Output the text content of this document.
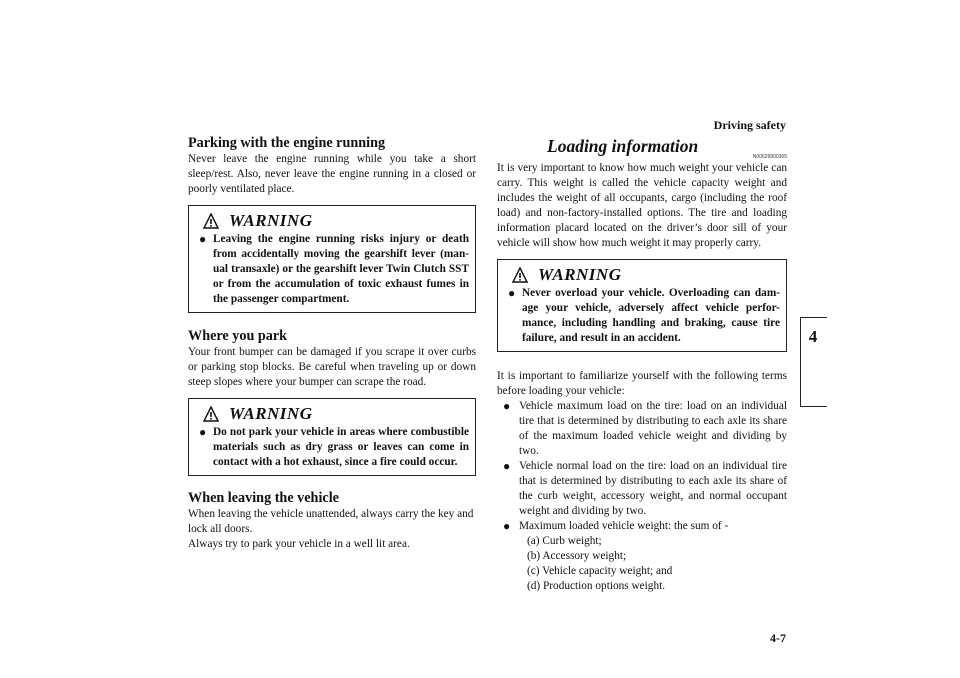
Driving safety
4
4-7
Parking with the engine running

Never leave the engine running while you take a short sleep/rest. Also, never leave the engine running in a closed or poorly ventilated place.

WARNING
● Leaving the engine running risks injury or death from accidentally moving the gearshift lever (man-ual transaxle) or the gearshift lever Twin Clutch SST or from the accumulation of toxic exhaust fumes in the passenger compartment.
Where you park

Your front bumper can be damaged if you scrape it over curbs or parking stop blocks. Be careful when traveling up or down steep slopes where your bumper can scrape the road.

WARNING
● Do not park your vehicle in areas where combustible materials such as dry grass or leaves can come in contact with a hot exhaust, since a fire could occur.
When leaving the vehicle

When leaving the vehicle unattended, always carry the key and lock all doors.

Always try to park your vehicle in a well lit area.

Loading information
N00629900365

It is very important to know how much weight your vehicle can carry. This weight is called the vehicle capacity weight and includes the weight of all occupants, cargo (including the roof load) and non-factory-installed options. The tire and loading information placard located on the driver’s door sill of your vehicle will show how much weight it may properly carry.

WARNING
● Never overload your vehicle. Overloading can dam-age your vehicle, adversely affect vehicle perfor-mance, including handling and braking, cause tire failure, and result in an accident.

It is important to familiarize yourself with the following terms before loading your vehicle:

● Vehicle maximum load on the tire: load on an individual tire that is determined by distributing to each axle its share of the maximum loaded vehicle weight and dividing by two.
● Vehicle normal load on the tire: load on an individual tire that is determined by distributing to each axle its share of the curb weight, accessory weight, and normal occupant weight and dividing by two.
● Maximum loaded vehicle weight: the sum of -
(a) Curb weight;
(b) Accessory weight;
(c) Vehicle capacity weight; and
(d) Production options weight.
